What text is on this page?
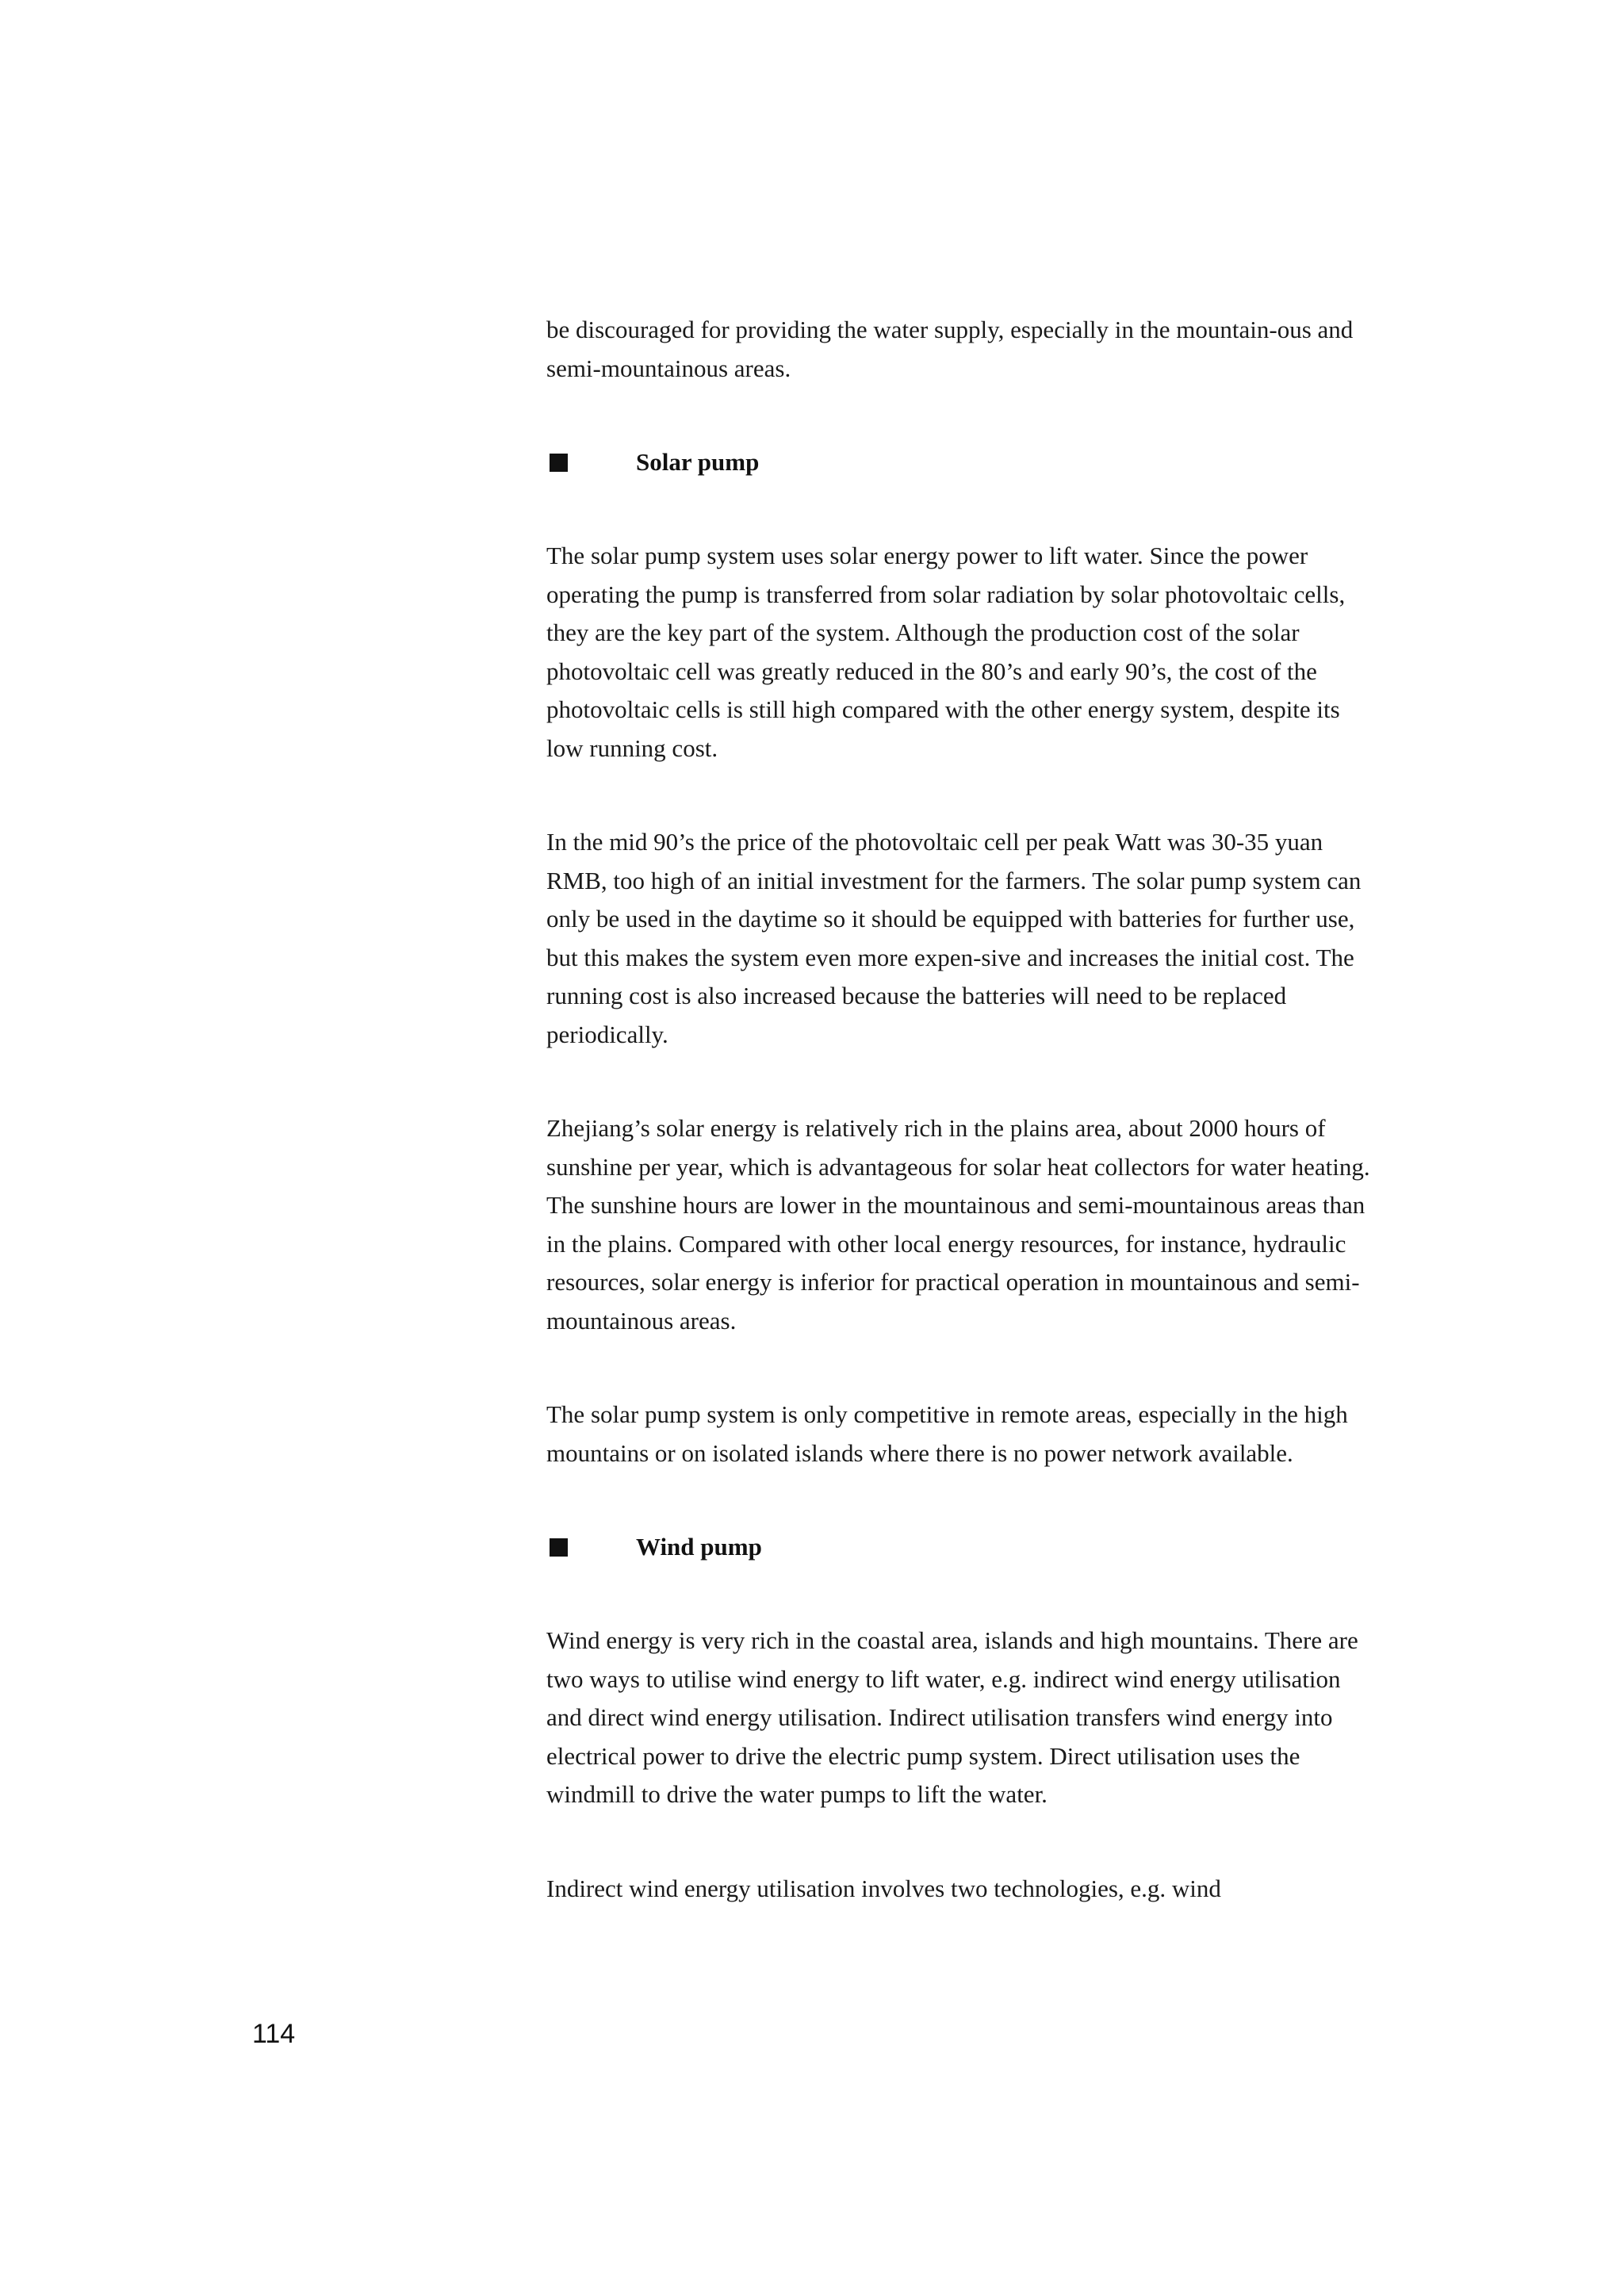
be discouraged for providing the water supply, especially in the mountain-ous and semi-mountainous areas.

Solar pump

The solar pump system uses solar energy power to lift water. Since the power operating the pump is transferred from solar radiation by solar photovoltaic cells, they are the key part of the system. Although the production cost of the solar photovoltaic cell was greatly reduced in the 80’s and early 90’s, the cost of the photovoltaic cells is still high compared with the other energy system, despite its low running cost.

In the mid 90’s the price of the photovoltaic cell per peak Watt was 30-35 yuan RMB, too high of an initial investment for the farmers. The solar pump system can only be used in the daytime so it should be equipped with batteries for further use, but this makes the system even more expen-sive and increases the initial cost. The running cost is also increased because the batteries will need to be replaced periodically.

Zhejiang’s solar energy is relatively rich in the plains area, about 2000 hours of sunshine per year, which is advantageous for solar heat collectors for water heating. The sunshine hours are lower in the mountainous and semi-mountainous areas than in the plains. Compared with other local energy resources, for instance, hydraulic resources, solar energy is inferior for practical operation in mountainous and semi-mountainous areas.

The solar pump system is only competitive in remote areas, especially in the high mountains or on isolated islands where there is no power network available.

Wind pump

Wind energy is very rich in the coastal area, islands and high mountains. There are two ways to utilise wind energy to lift water, e.g. indirect wind energy utilisation and direct wind energy utilisation. Indirect utilisation transfers wind energy into electrical power to drive the electric pump system. Direct utilisation uses the windmill to drive the water pumps to lift the water.

Indirect wind energy utilisation involves two technologies, e.g. wind

114
